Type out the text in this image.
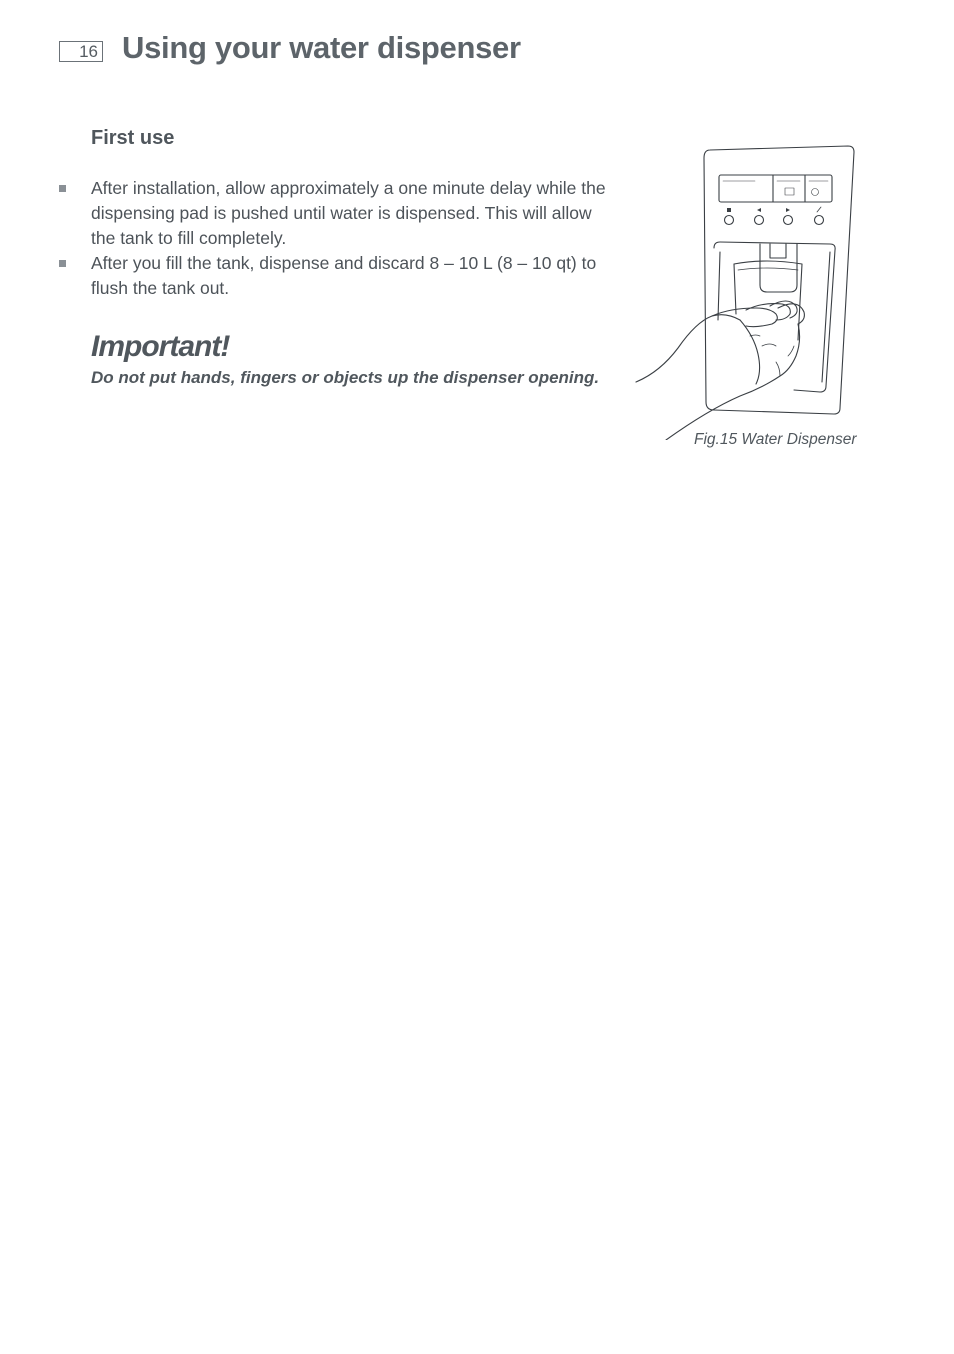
16 Using your water dispenser
First use
After installation, allow approximately a one minute delay while the dispensing pad is pushed until water is dispensed. This will allow the tank to fill completely.
After you fill the tank, dispense and discard 8 – 10 L (8 – 10 qt) to flush the tank out.
Important!

Do not put hands, fingers or objects up the dispenser opening.

Fig.15 Water Dispenser
